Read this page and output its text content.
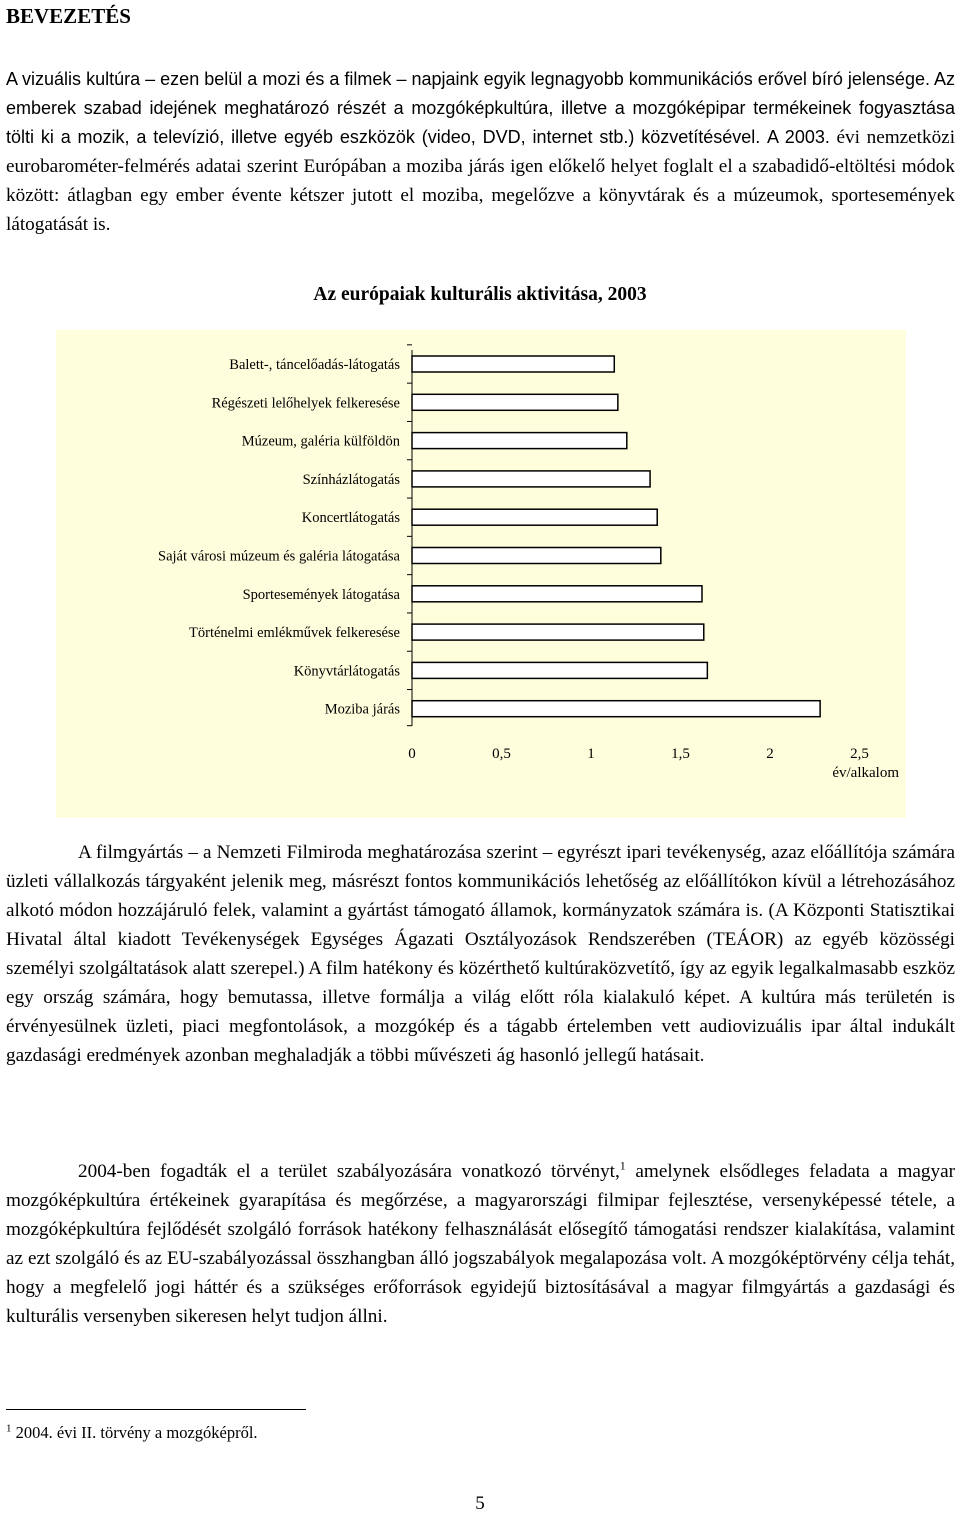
BEVEZETÉS

A vizuális kultúra – ezen belül a mozi és a filmek – napjaink egyik legnagyobb kommunikációs erővel bíró jelensége. Az emberek szabad idejének meghatározó részét a mozgóképkultúra, illetve a mozgóképipar termékeinek fogyasztása tölti ki a mozik, a televízió, illetve egyéb eszközök (video, DVD, internet stb.) közvetítésével. A 2003. évi nemzetközi eurobarométer-felmérés adatai szerint Európában a moziba járás igen előkelő helyet foglalt el a szabadidő-eltöltési módok között: átlagban egy ember évente kétszer jutott el moziba, megelőzve a könyvtárak és a múzeumok, sportesemények látogatását is.

Az európaiak kulturális aktivitása, 2003
Balett-, táncelőadás-látogatás
Régészeti lelőhelyek felkeresése
Múzeum, galéria külföldön
Színházlátogatás
Koncertlátogatás
Saját városi múzeum és galéria látogatása
Sportesemények látogatása
Történelmi emlékművek felkeresése
Könyvtárlátogatás
Moziba járás
0	0,5	1	1,5	2	2,5
év/alkalom

A filmgyártás – a Nemzeti Filmiroda meghatározása szerint – egyrészt ipari tevékenység, azaz előállítója számára üzleti vállalkozás tárgyaként jelenik meg, másrészt fontos kommunikációs lehetőség az előállítókon kívül a létrehozásához alkotó módon hozzájáruló felek, valamint a gyártást támogató államok, kormányzatok számára is. (A Központi Statisztikai Hivatal által kiadott Tevékenységek Egységes Ágazati Osztályozások Rendszerében (TEÁOR) az egyéb közösségi személyi szolgáltatások alatt szerepel.) A film hatékony és közérthető kultúraközvetítő, így az egyik legalkalmasabb eszköz egy ország számára, hogy bemutassa, illetve formálja a világ előtt róla kialakuló képet. A kultúra más területén is érvényesülnek üzleti, piaci megfontolások, a mozgókép és a tágabb értelemben vett audiovizuális ipar által indukált gazdasági eredmények azonban meghaladják a többi művészeti ág hasonló jellegű hatásait.

2004-ben fogadták el a terület szabályozására vonatkozó törvényt,$^1$ amelynek elsődleges feladata a magyar mozgóképkultúra értékeinek gyarapítása és megőrzése, a magyarországi filmipar fejlesztése, versenyképessé tétele, a mozgóképkultúra fejlődését szolgáló források hatékony felhasználását elősegítő támogatási rendszer kialakítása, valamint az ezt szolgáló és az EU-szabályozással összhangban álló jogszabályok megalapozása volt. A mozgóképtörvény célja tehát, hogy a megfelelő jogi háttér és a szükséges erőforrások egyidejű biztosításával a magyar filmgyártás a gazdasági és kulturális versenyben sikeresen helyt tudjon állni.

$^1$ 2004. évi II. törvény a mozgóképről.

5
